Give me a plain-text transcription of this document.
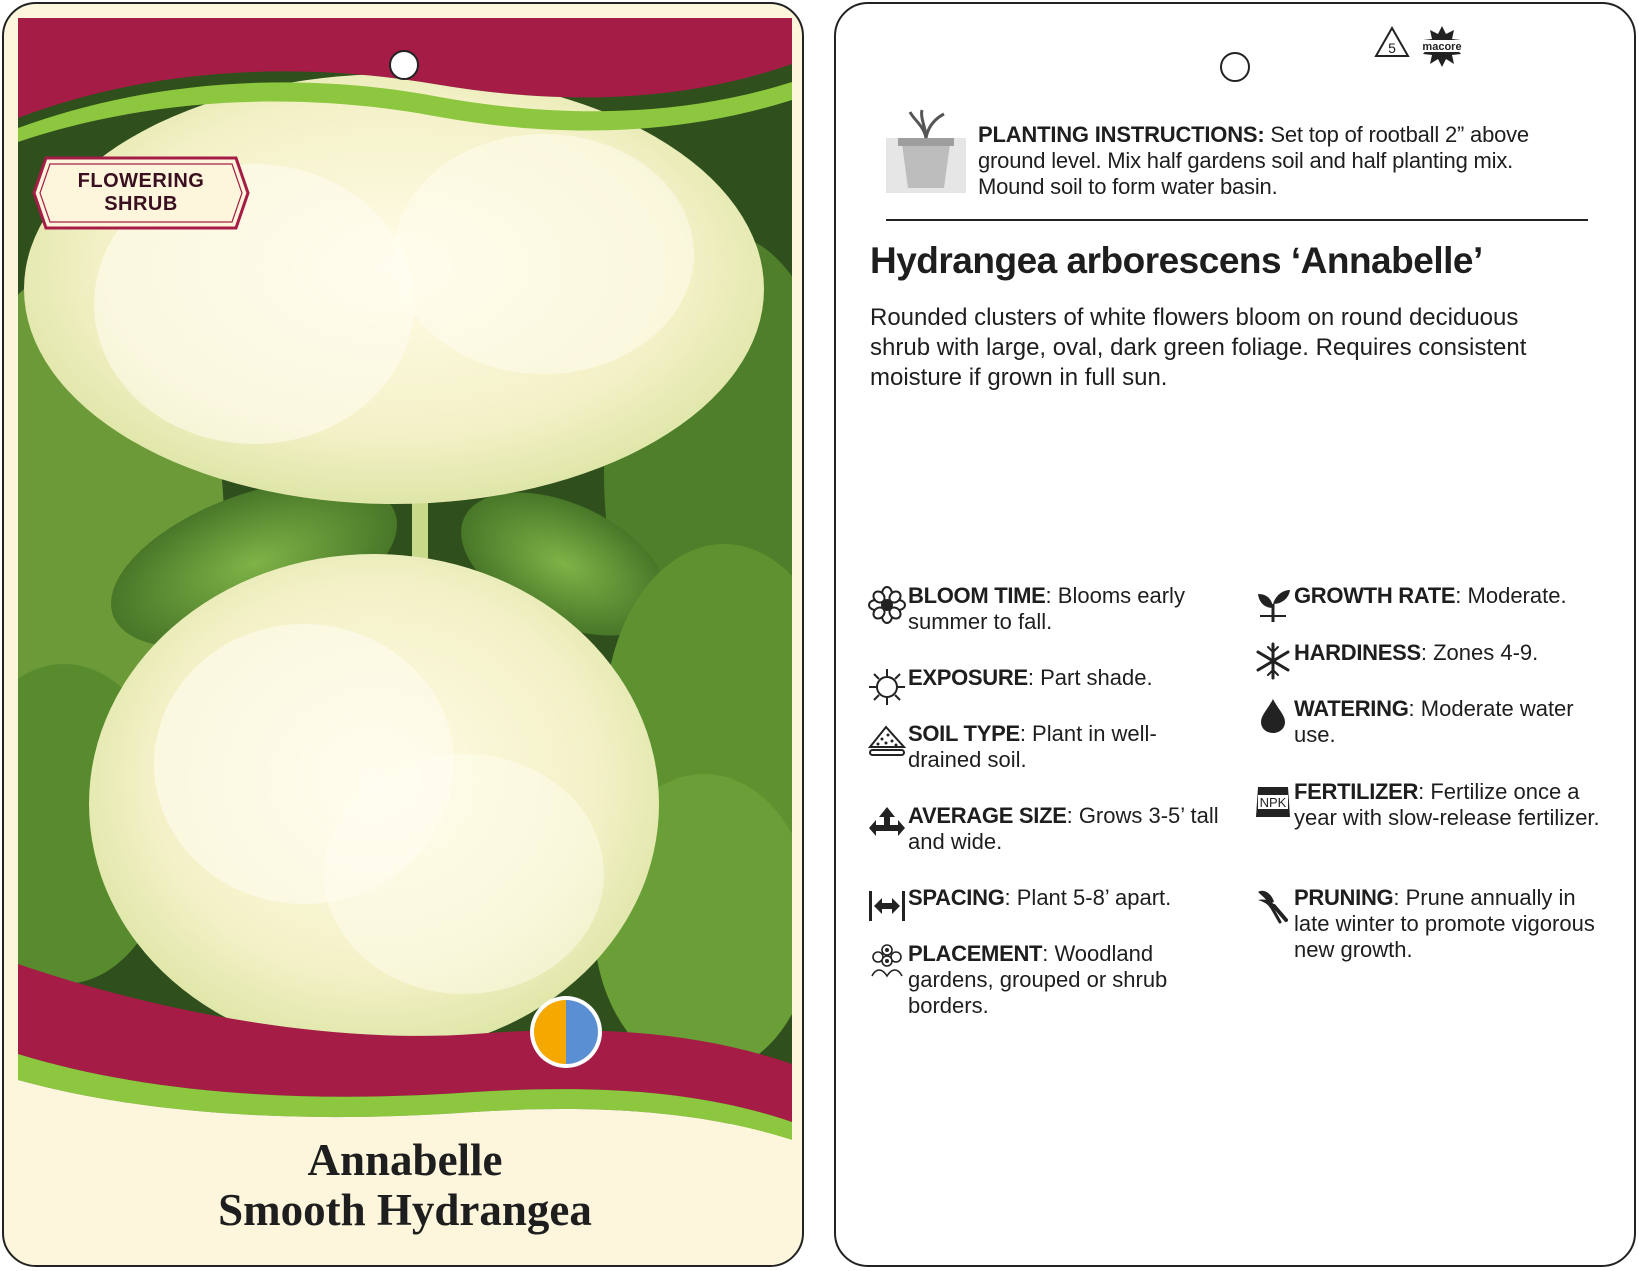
FLOWERING
SHRUB
Annabelle
Smooth Hydrangea
5 macore
PLANTING INSTRUCTIONS: Set top of rootball 2” above ground level. Mix half gardens soil and half planting mix. Mound soil to form water basin.
Hydrangea arborescens ‘Annabelle’
Rounded clusters of white flowers bloom on round deciduous shrub with large, oval, dark green foliage. Requires consistent moisture if grown in full sun.
BLOOM TIME: Blooms early summer to fall.
EXPOSURE: Part shade.
SOIL TYPE: Plant in well-drained soil.
AVERAGE SIZE: Grows 3-5’ tall and wide.
SPACING: Plant 5-8’ apart.
PLACEMENT: Woodland gardens, grouped or shrub borders.
GROWTH RATE: Moderate.
HARDINESS: Zones 4-9.
WATERING: Moderate water use.
NPK FERTILIZER: Fertilize once a year with slow-release fertilizer.
PRUNING: Prune annually in late winter to promote vigorous new growth.
